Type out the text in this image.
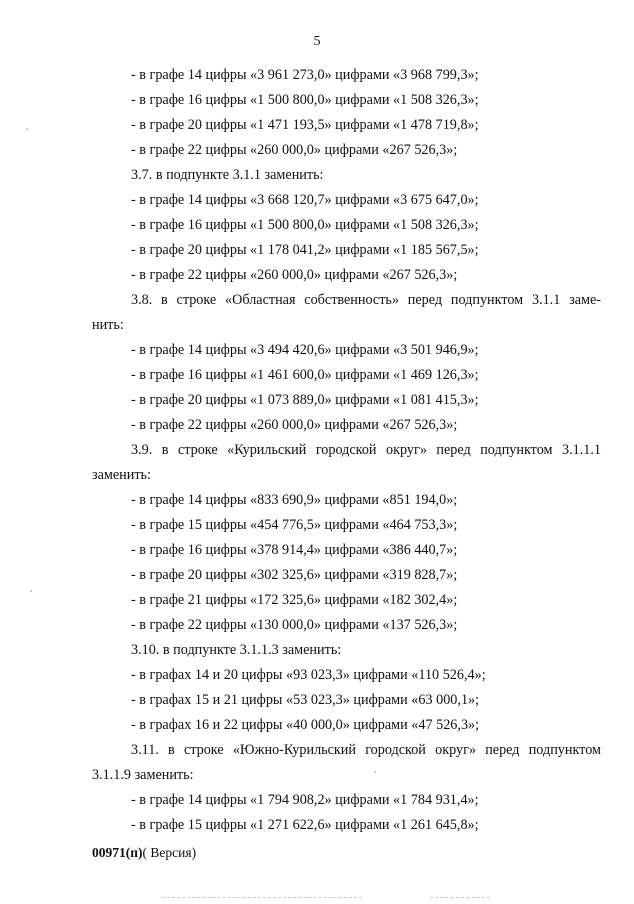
5
- в графе 14 цифры «3 961 273,0» цифрами «3 968 799,3»;
- в графе 16 цифры «1 500 800,0» цифрами «1 508 326,3»;
- в графе 20 цифры «1 471 193,5» цифрами «1 478 719,8»;
- в графе 22 цифры «260 000,0» цифрами «267 526,3»;
3.7. в подпункте 3.1.1 заменить:
- в графе 14 цифры «3 668 120,7» цифрами «3 675 647,0»;
- в графе 16 цифры «1 500 800,0» цифрами «1 508 326,3»;
- в графе 20 цифры «1 178 041,2» цифрами «1 185 567,5»;
- в графе 22 цифры «260 000,0» цифрами «267 526,3»;
3.8. в строке «Областная собственность» перед подпунктом 3.1.1 заме-
нить:
- в графе 14 цифры «3 494 420,6» цифрами «3 501 946,9»;
- в графе 16 цифры «1 461 600,0» цифрами «1 469 126,3»;
- в графе 20 цифры «1 073 889,0» цифрами «1 081 415,3»;
- в графе 22 цифры «260 000,0» цифрами «267 526,3»;
3.9. в строке «Курильский городской округ» перед подпунктом 3.1.1.1
заменить:
- в графе 14 цифры «833 690,9» цифрами «851 194,0»;
- в графе 15 цифры «454 776,5» цифрами «464 753,3»;
- в графе 16 цифры «378 914,4» цифрами «386 440,7»;
- в графе 20 цифры «302 325,6» цифрами «319 828,7»;
- в графе 21 цифры «172 325,6» цифрами «182 302,4»;
- в графе 22 цифры «130 000,0» цифрами «137 526,3»;
3.10. в подпункте 3.1.1.3 заменить:
- в графах 14 и 20 цифры «93 023,3» цифрами «110 526,4»;
- в графах 15 и 21 цифры «53 023,3» цифрами «63 000,1»;
- в графах 16 и 22 цифры «40 000,0» цифрами «47 526,3»;
3.11. в строке «Южно-Курильский городской округ» перед подпунктом
3.1.1.9 заменить:
- в графе 14 цифры «1 794 908,2» цифрами «1 784 931,4»;
- в графе 15 цифры «1 271 622,6» цифрами «1 261 645,8»;
00971(п)( Версия)
